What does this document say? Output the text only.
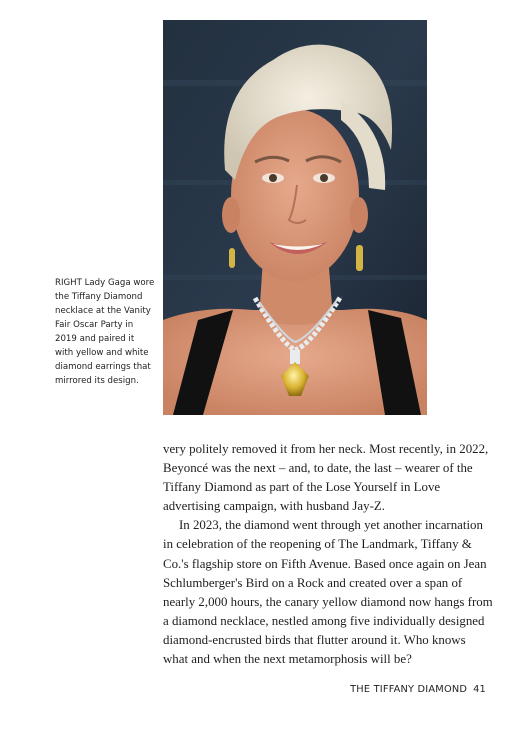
RIGHT Lady Gaga wore the Tiffany Diamond necklace at the Vanity Fair Oscar Party in 2019 and paired it with yellow and white diamond earrings that mirrored its design.

very politely removed it from her neck. Most recently, in 2022, Beyoncé was the next – and, to date, the last – wearer of the Tiffany Diamond as part of the Lose Yourself in Love advertising campaign, with husband Jay-Z.

In 2023, the diamond went through yet another incarnation in celebration of the reopening of The Landmark, Tiffany & Co.'s flagship store on Fifth Avenue. Based once again on Jean Schlumberger's Bird on a Rock and created over a span of nearly 2,000 hours, the canary yellow diamond now hangs from a diamond necklace, nestled among five individually designed diamond-encrusted birds that flutter around it. Who knows what and when the next metamorphosis will be?

THE TIFFANY DIAMOND 41
